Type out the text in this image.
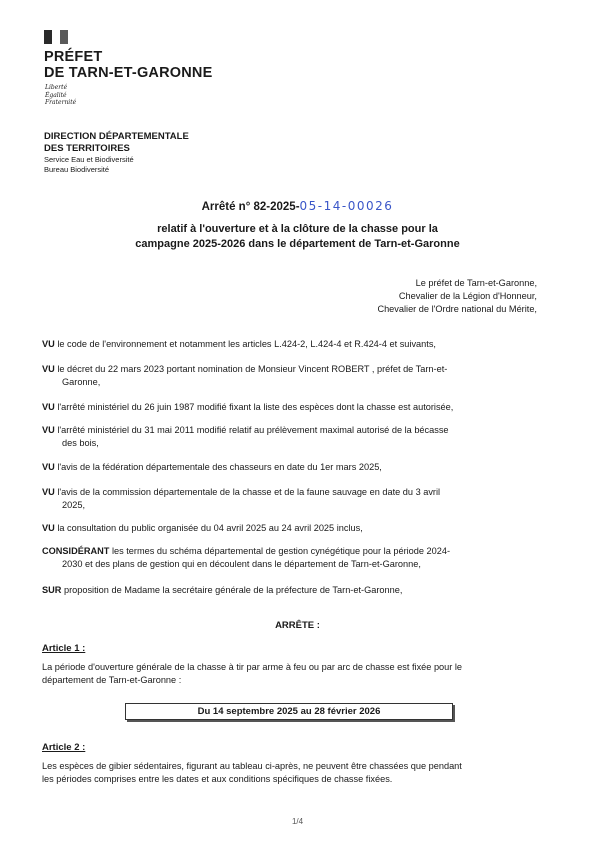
PRÉFET
DE TARN-ET-GARONNE
Liberté
Égalité
Fraternité
DIRECTION DÉPARTEMENTALE
DES TERRITOIRES
Service Eau et Biodiversité
Bureau Biodiversité
Arrêté n° 82-2025-05-14-00026
relatif à l'ouverture et à la clôture de la chasse pour la
campagne 2025-2026 dans le département de Tarn-et-Garonne
Le préfet de Tarn-et-Garonne,
Chevalier de la Légion d'Honneur,
Chevalier de l'Ordre national du Mérite,
VU le code de l'environnement et notamment les articles L.424-2, L.424-4 et R.424-4 et suivants,
VU le décret du 22 mars 2023 portant nomination de Monsieur Vincent ROBERT , préfet de Tarn-et-
Garonne,
VU l'arrêté ministériel du 26 juin 1987 modifié fixant la liste des espèces dont la chasse est autorisée,
VU l'arrêté ministériel du 31 mai 2011 modifié relatif au prélèvement maximal autorisé de la bécasse
des bois,
VU l'avis de la fédération départementale des chasseurs en date du 1er mars 2025,
VU l'avis de la commission départementale de la chasse et de la faune sauvage en date du 3 avril
2025,
VU la consultation du public organisée du 04 avril 2025 au 24 avril 2025 inclus,
CONSIDÉRANT les termes du schéma départemental de gestion cynégétique pour la période 2024-
2030 et des plans de gestion qui en découlent dans le département de Tarn-et-Garonne,
SUR proposition de Madame la secrétaire générale de la préfecture de Tarn-et-Garonne,
ARRÊTE :
Article 1 :
La période d'ouverture générale de la chasse à tir par arme à feu ou par arc de chasse est fixée pour le
département de Tarn-et-Garonne :
Du 14 septembre 2025 au 28 février 2026
Article 2 :
Les espèces de gibier sédentaires, figurant au tableau ci-après, ne peuvent être chassées que pendant
les périodes comprises entre les dates et aux conditions spécifiques de chasse fixées.
1/4
